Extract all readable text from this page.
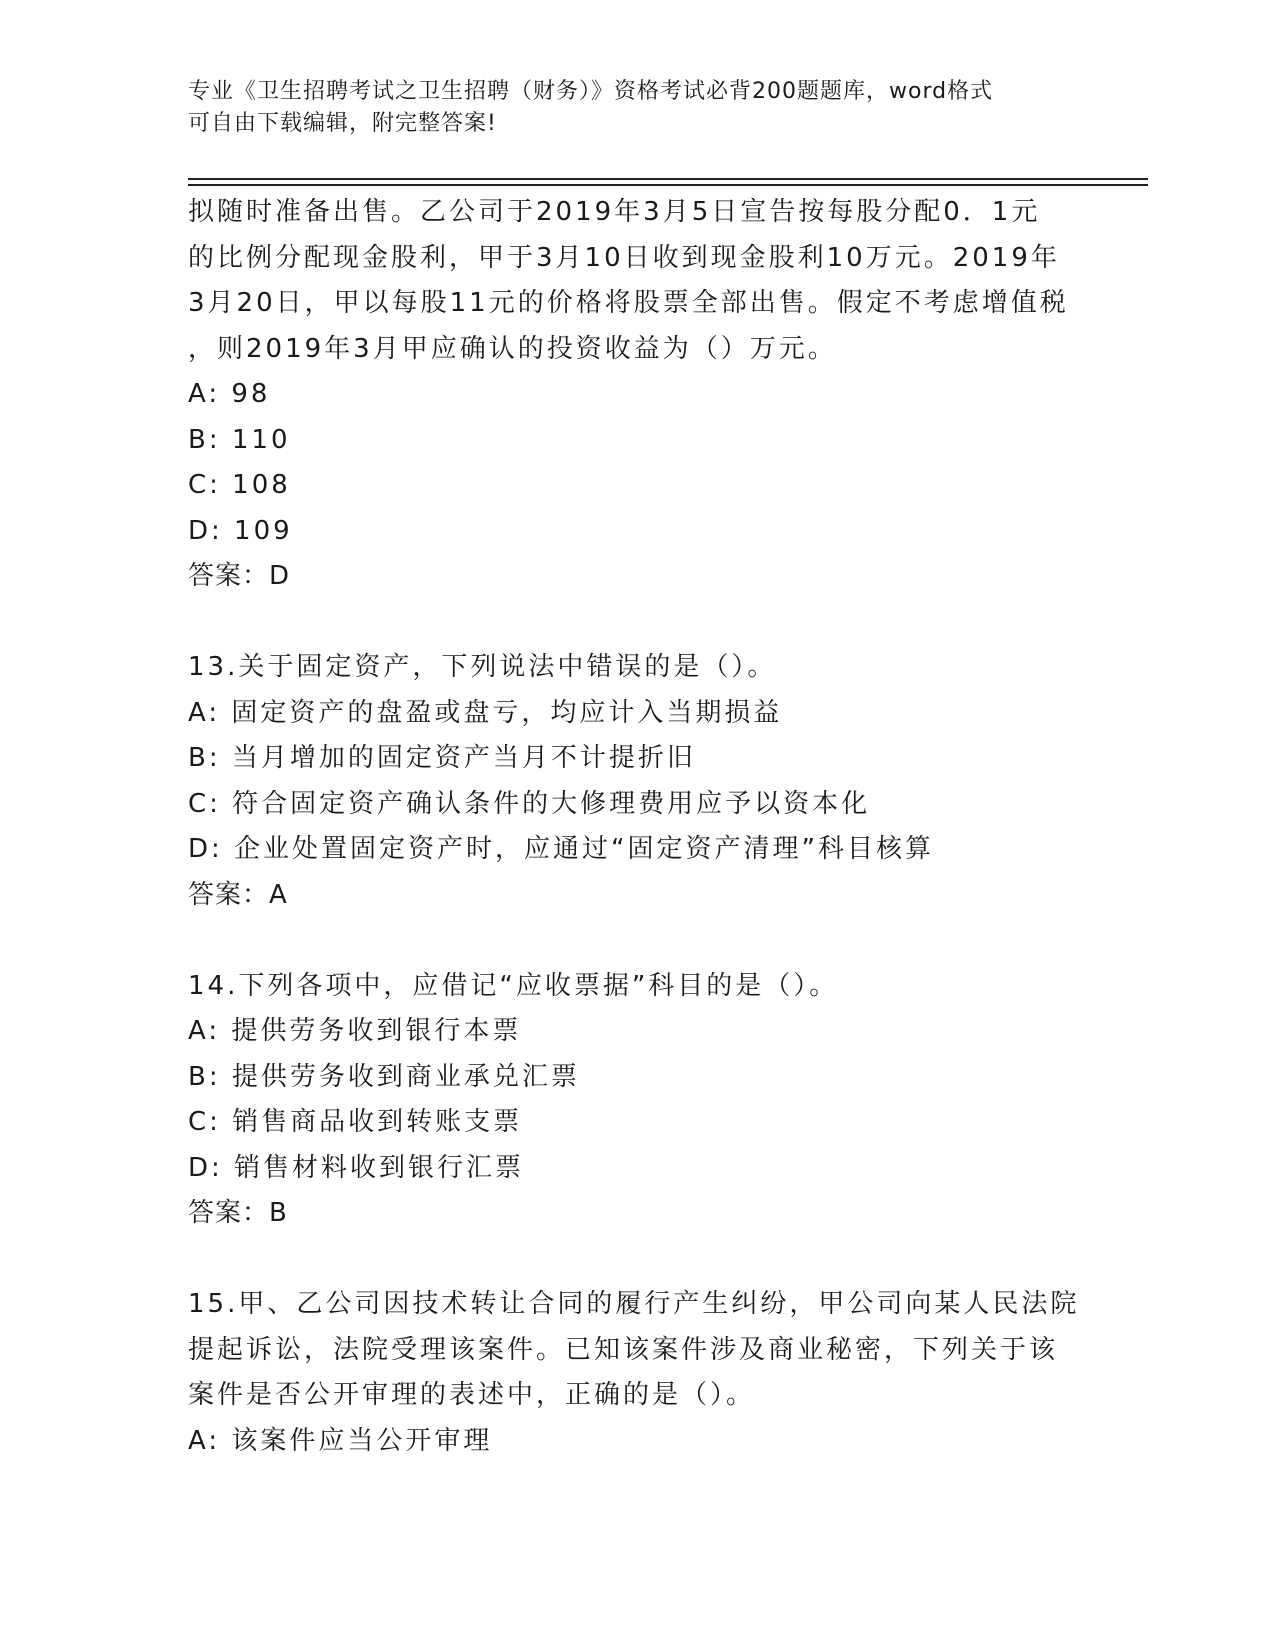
专业《卫生招聘考试之卫生招聘（财务）》资格考试必背200题题库，word格式
可自由下载编辑，附完整答案!
拟随时准备出售。乙公司于2019年3月5日宣告按每股分配0．1元
的比例分配现金股利，甲于3月10日收到现金股利10万元。2019年
3月20日，甲以每股11元的价格将股票全部出售。假定不考虑增值税
，则2019年3月甲应确认的投资收益为（）万元。
A: 98
B: 110
C: 108
D: 109
答案：D
13.关于固定资产，下列说法中错误的是（）。
A: 固定资产的盘盈或盘亏，均应计入当期损益
B: 当月增加的固定资产当月不计提折旧
C: 符合固定资产确认条件的大修理费用应予以资本化
D: 企业处置固定资产时，应通过“固定资产清理”科目核算
答案：A
14.下列各项中，应借记“应收票据”科目的是（）。
A: 提供劳务收到银行本票
B: 提供劳务收到商业承兑汇票
C: 销售商品收到转账支票
D: 销售材料收到银行汇票
答案：B
15.甲、乙公司因技术转让合同的履行产生纠纷，甲公司向某人民法院
提起诉讼，法院受理该案件。已知该案件涉及商业秘密，下列关于该
案件是否公开审理的表述中，正确的是（）。
A: 该案件应当公开审理
